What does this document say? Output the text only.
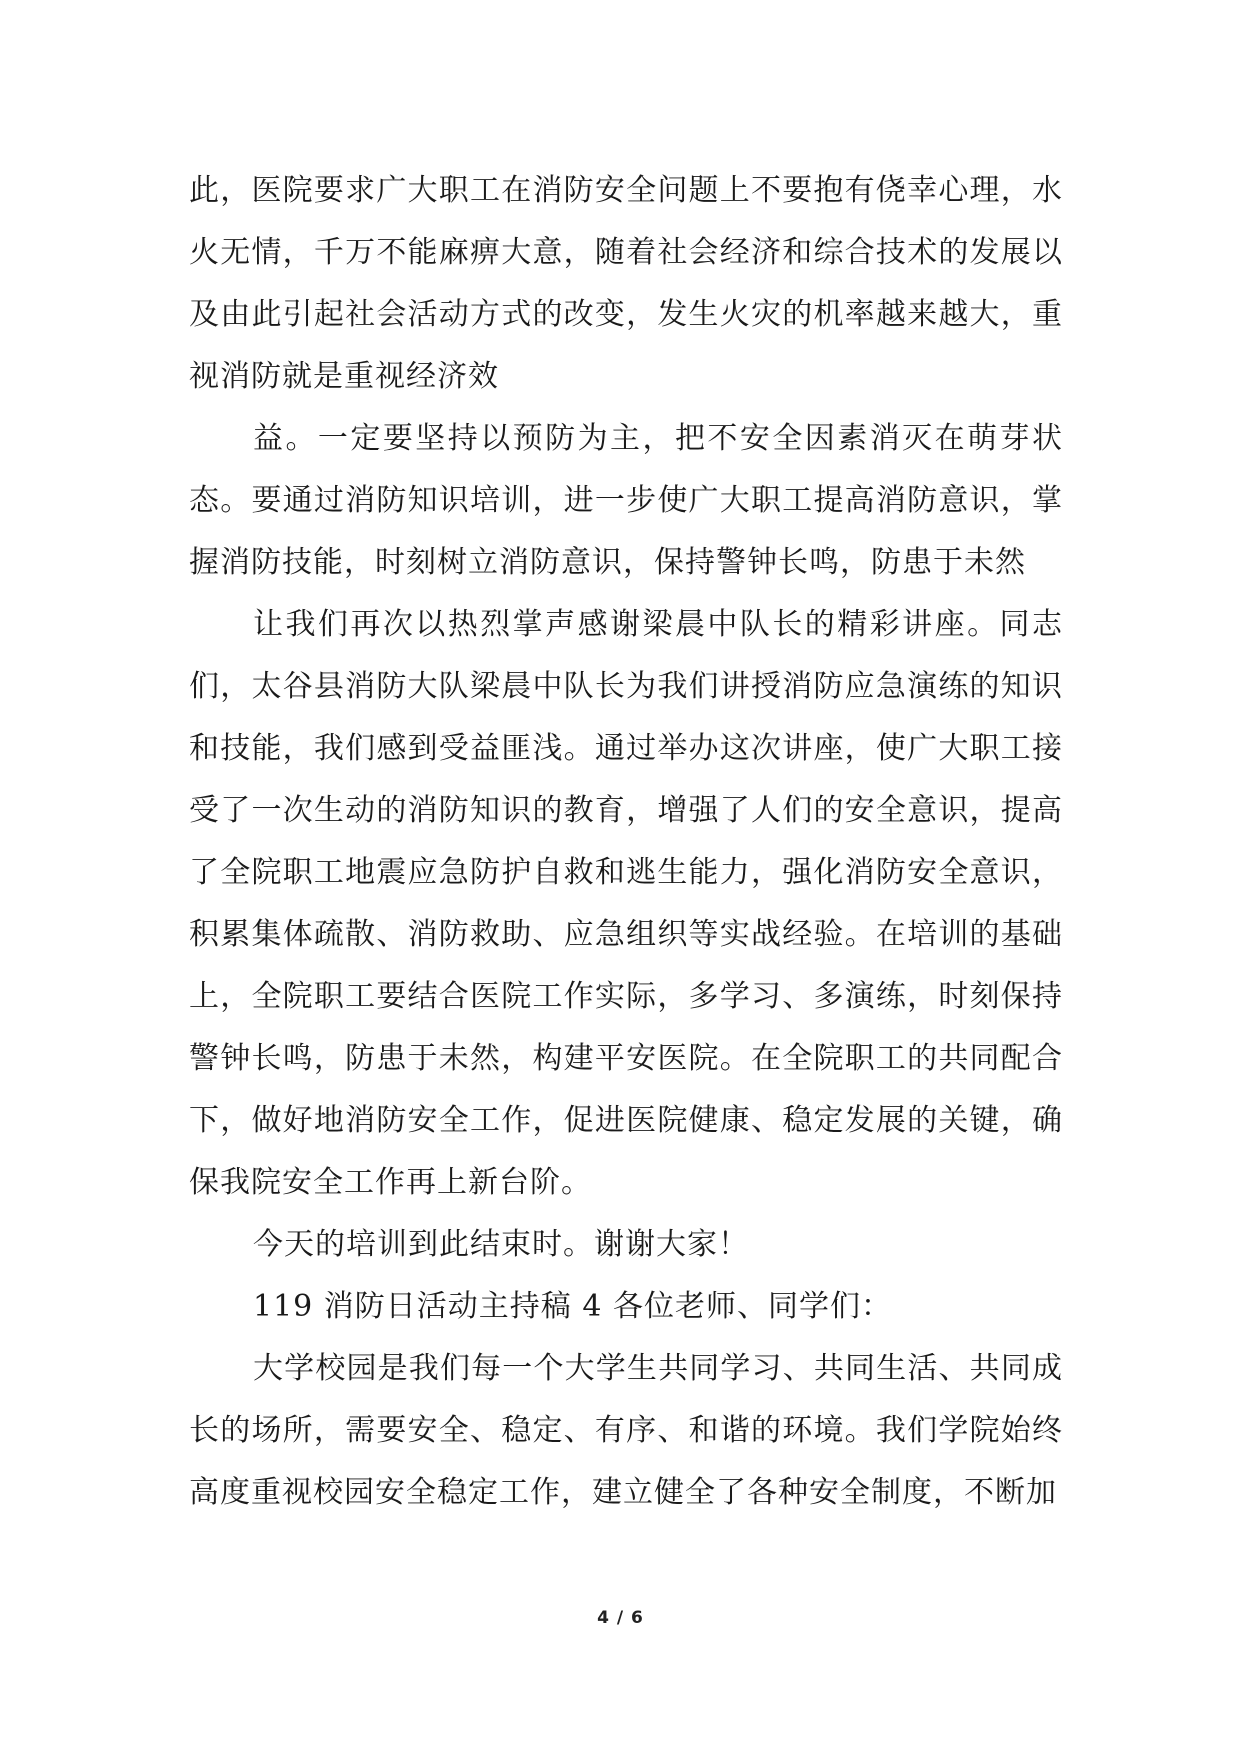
此，医院要求广大职工在消防安全问题上不要抱有侥幸心理，水火无情，千万不能麻痹大意，随着社会经济和综合技术的发展以及由此引起社会活动方式的改变，发生火灾的机率越来越大，重视消防就是重视经济效

益。一定要坚持以预防为主，把不安全因素消灭在萌芽状态。要通过消防知识培训，进一步使广大职工提高消防意识，掌握消防技能，时刻树立消防意识，保持警钟长鸣，防患于未然

让我们再次以热烈掌声感谢梁晨中队长的精彩讲座。同志们，太谷县消防大队梁晨中队长为我们讲授消防应急演练的知识和技能，我们感到受益匪浅。通过举办这次讲座，使广大职工接受了一次生动的消防知识的教育，增强了人们的安全意识，提高了全院职工地震应急防护自救和逃生能力，强化消防安全意识，积累集体疏散、消防救助、应急组织等实战经验。在培训的基础上，全院职工要结合医院工作实际，多学习、多演练，时刻保持警钟长鸣，防患于未然，构建平安医院。在全院职工的共同配合下，做好地消防安全工作，促进医院健康、稳定发展的关键，确保我院安全工作再上新台阶。

今天的培训到此结束时。谢谢大家！

119 消防日活动主持稿 4 各位老师、同学们：

大学校园是我们每一个大学生共同学习、共同生活、共同成长的场所，需要安全、稳定、有序、和谐的环境。我们学院始终高度重视校园安全稳定工作，建立健全了各种安全制度，不断加

4 / 6
